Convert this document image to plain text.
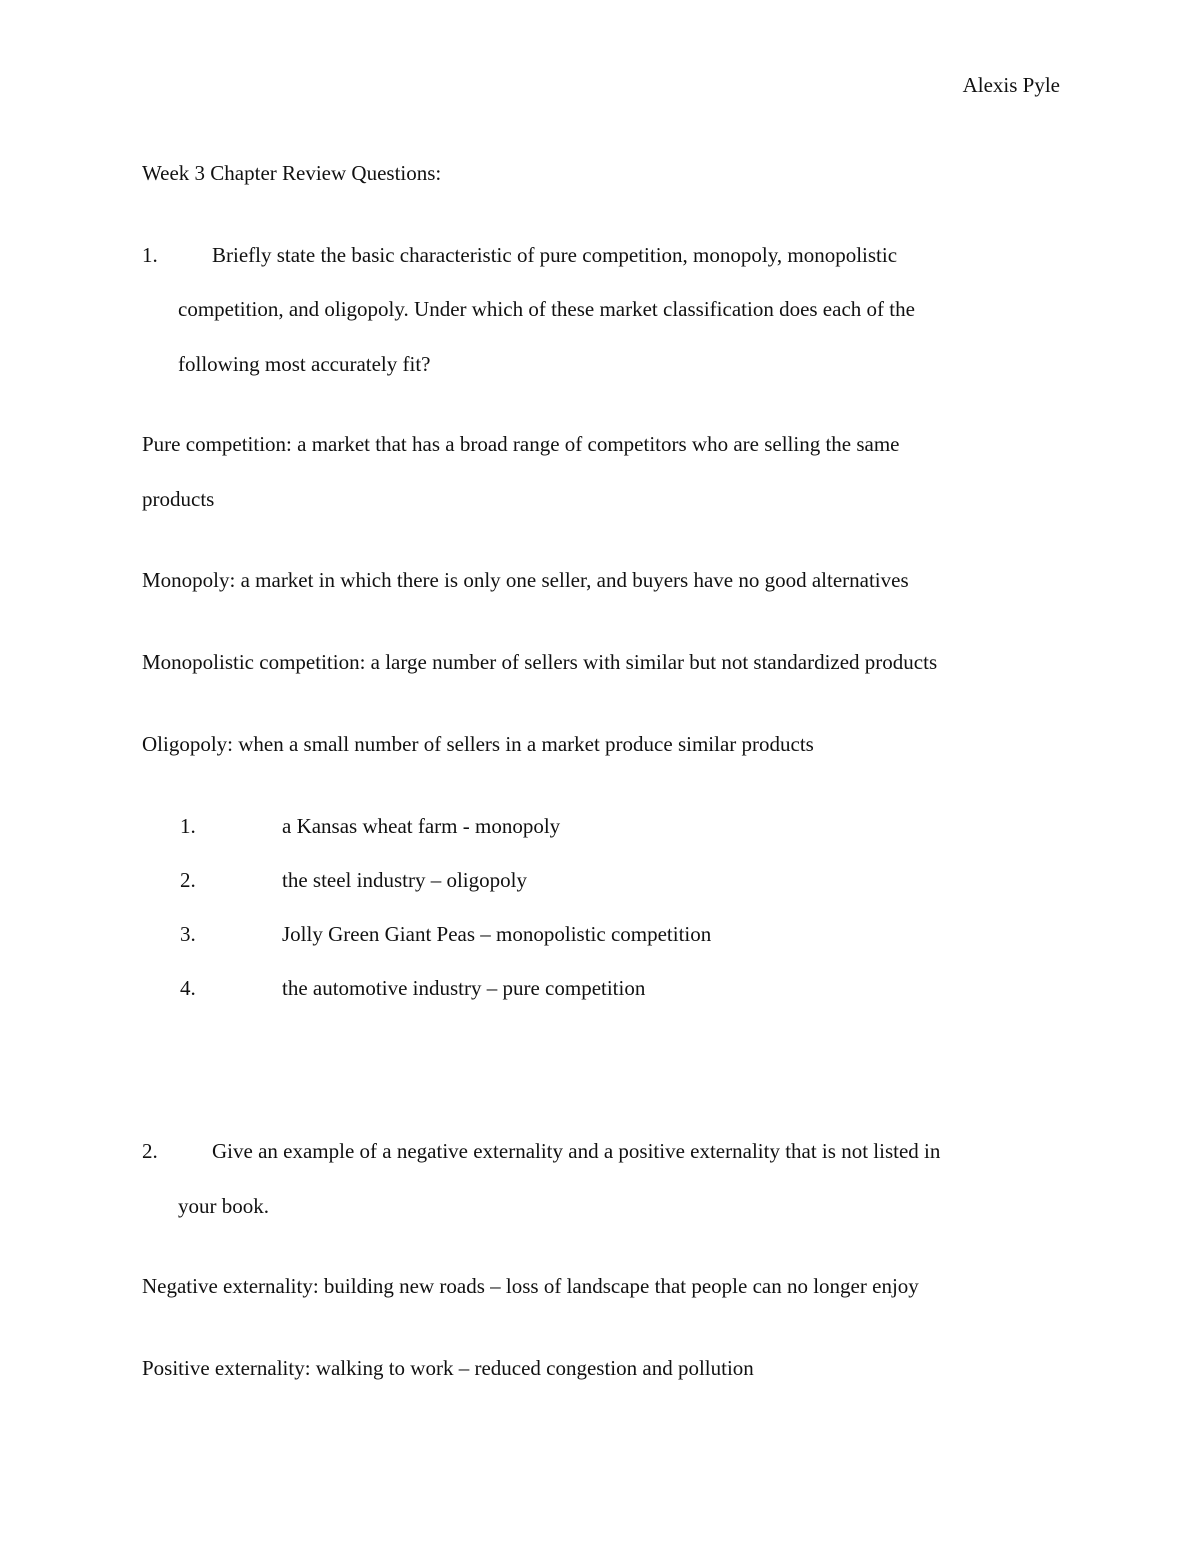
Alexis Pyle
Week 3 Chapter Review Questions:
1.	Briefly state the basic characteristic of pure competition, monopoly, monopolistic
competition, and oligopoly. Under which of these market classification does each of the
following most accurately fit?
Pure competition: a market that has a broad range of competitors who are selling the same
products
Monopoly: a market in which there is only one seller, and buyers have no good alternatives
Monopolistic competition: a large number of sellers with similar but not standardized products
Oligopoly: when a small number of sellers in a market produce similar products
1.	a Kansas wheat farm - monopoly
2.	the steel industry – oligopoly
3.	Jolly Green Giant Peas – monopolistic competition
4.	the automotive industry – pure competition
2.	Give an example of a negative externality and a positive externality that is not listed in
your book.
Negative externality: building new roads – loss of landscape that people can no longer enjoy
Positive externality: walking to work – reduced congestion and pollution
